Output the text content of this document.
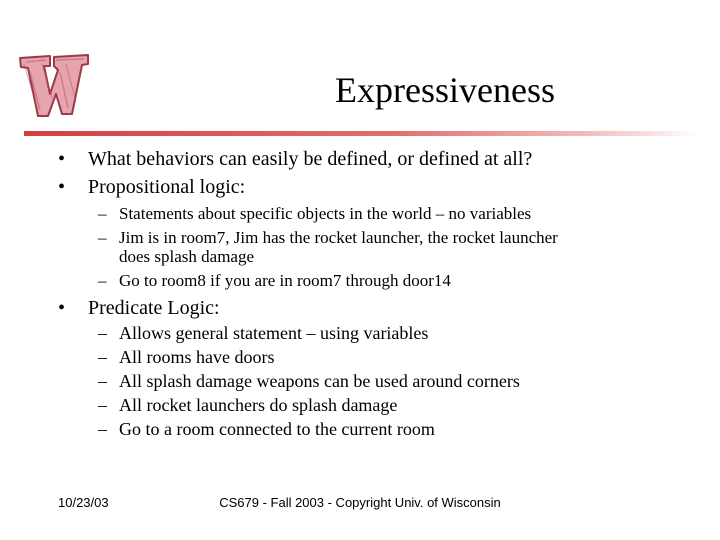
Expressiveness
• What behaviors can easily be defined, or defined at all?
• Propositional logic:
– Statements about specific objects in the world – no variables
– Jim is in room7, Jim has the rocket launcher, the rocket launcher
does splash damage
– Go to room8 if you are in room7 through door14
• Predicate Logic:
– Allows general statement – using variables
– All rooms have doors
– All splash damage weapons can be used around corners
– All rocket launchers do splash damage
– Go to a room connected to the current room
10/23/03	CS679 - Fall 2003 - Copyright Univ. of Wisconsin
